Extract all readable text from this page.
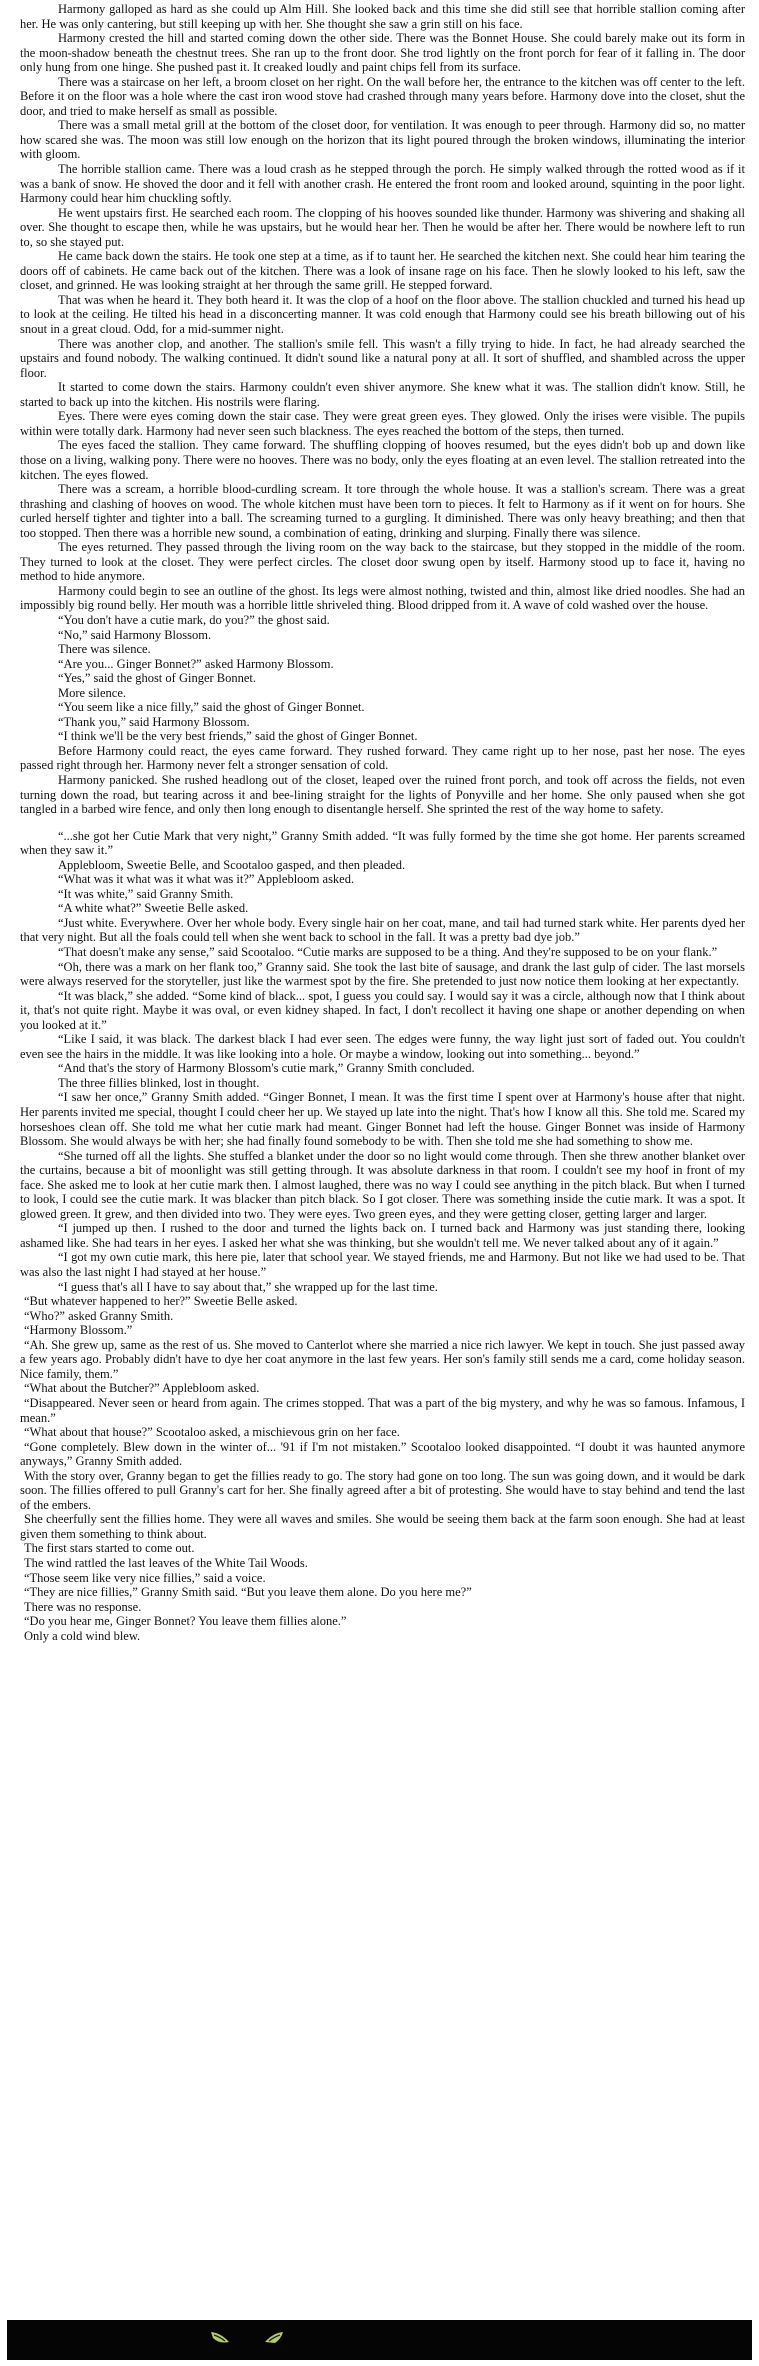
Harmony galloped as hard as she could up Alm Hill. She looked back and this time she did still see that horrible stallion coming after her. He was only cantering, but still keeping up with her. She thought she saw a grin still on his face.

Harmony crested the hill and started coming down the other side. There was the Bonnet House. She could barely make out its form in the moon-shadow beneath the chestnut trees. She ran up to the front door. She trod lightly on the front porch for fear of it falling in. The door only hung from one hinge. She pushed past it. It creaked loudly and paint chips fell from its surface.

There was a staircase on her left, a broom closet on her right. On the wall before her, the entrance to the kitchen was off center to the left. Before it on the floor was a hole where the cast iron wood stove had crashed through many years before. Harmony dove into the closet, shut the door, and tried to make herself as small as possible.

There was a small metal grill at the bottom of the closet door, for ventilation. It was enough to peer through. Harmony did so, no matter how scared she was. The moon was still low enough on the horizon that its light poured through the broken windows, illuminating the interior with gloom.

The horrible stallion came. There was a loud crash as he stepped through the porch. He simply walked through the rotted wood as if it was a bank of snow. He shoved the door and it fell with another crash. He entered the front room and looked around, squinting in the poor light. Harmony could hear him chuckling softly.

He went upstairs first. He searched each room. The clopping of his hooves sounded like thunder. Harmony was shivering and shaking all over. She thought to escape then, while he was upstairs, but he would hear her. Then he would be after her. There would be nowhere left to run to, so she stayed put.

He came back down the stairs. He took one step at a time, as if to taunt her. He searched the kitchen next. She could hear him tearing the doors off of cabinets. He came back out of the kitchen. There was a look of insane rage on his face. Then he slowly looked to his left, saw the closet, and grinned. He was looking straight at her through the same grill. He stepped forward.

That was when he heard it. They both heard it. It was the clop of a hoof on the floor above. The stallion chuckled and turned his head up to look at the ceiling. He tilted his head in a disconcerting manner. It was cold enough that Harmony could see his breath billowing out of his snout in a great cloud. Odd, for a mid-summer night.

There was another clop, and another. The stallion's smile fell. This wasn't a filly trying to hide. In fact, he had already searched the upstairs and found nobody. The walking continued. It didn't sound like a natural pony at all. It sort of shuffled, and shambled across the upper floor.

It started to come down the stairs. Harmony couldn't even shiver anymore. She knew what it was. The stallion didn't know. Still, he started to back up into the kitchen. His nostrils were flaring.

Eyes. There were eyes coming down the stair case. They were great green eyes. They glowed. Only the irises were visible. The pupils within were totally dark. Harmony had never seen such blackness. The eyes reached the bottom of the steps, then turned.

The eyes faced the stallion. They came forward. The shuffling clopping of hooves resumed, but the eyes didn't bob up and down like those on a living, walking pony. There were no hooves. There was no body, only the eyes floating at an even level. The stallion retreated into the kitchen. The eyes flowed.

There was a scream, a horrible blood-curdling scream. It tore through the whole house. It was a stallion's scream. There was a great thrashing and clashing of hooves on wood. The whole kitchen must have been torn to pieces. It felt to Harmony as if it went on for hours. She curled herself tighter and tighter into a ball. The screaming turned to a gurgling. It diminished. There was only heavy breathing; and then that too stopped. Then there was a horrible new sound, a combination of eating, drinking and slurping. Finally there was silence.

The eyes returned. They passed through the living room on the way back to the staircase, but they stopped in the middle of the room. They turned to look at the closet. They were perfect circles. The closet door swung open by itself. Harmony stood up to face it, having no method to hide anymore.

Harmony could begin to see an outline of the ghost. Its legs were almost nothing, twisted and thin, almost like dried noodles. She had an impossibly big round belly. Her mouth was a horrible little shriveled thing. Blood dripped from it. A wave of cold washed over the house.

“You don't have a cutie mark, do you?” the ghost said.

“No,” said Harmony Blossom.

There was silence.

“Are you... Ginger Bonnet?” asked Harmony Blossom.

“Yes,” said the ghost of Ginger Bonnet.

More silence.

“You seem like a nice filly,” said the ghost of Ginger Bonnet.

“Thank you,” said Harmony Blossom.

“I think we'll be the very best friends,” said the ghost of Ginger Bonnet.

Before Harmony could react, the eyes came forward. They rushed forward. They came right up to her nose, past her nose. The eyes passed right through her. Harmony never felt a stronger sensation of cold.

Harmony panicked. She rushed headlong out of the closet, leaped over the ruined front porch, and took off across the fields, not even turning down the road, but tearing across it and bee-lining straight for the lights of Ponyville and her home. She only paused when she got tangled in a barbed wire fence, and only then long enough to disentangle herself. She sprinted the rest of the way home to safety.

“...she got her Cutie Mark that very night,” Granny Smith added. “It was fully formed by the time she got home. Her parents screamed when they saw it.”

Applebloom, Sweetie Belle, and Scootaloo gasped, and then pleaded.

“What was it what was it what was it?” Applebloom asked.

“It was white,” said Granny Smith.

“A white what?” Sweetie Belle asked.

“Just white. Everywhere. Over her whole body. Every single hair on her coat, mane, and tail had turned stark white. Her parents dyed her that very night. But all the foals could tell when she went back to school in the fall. It was a pretty bad dye job.”

“That doesn't make any sense,” said Scootaloo. “Cutie marks are supposed to be a thing. And they're supposed to be on your flank.”

“Oh, there was a mark on her flank too,” Granny said. She took the last bite of sausage, and drank the last gulp of cider. The last morsels were always reserved for the storyteller, just like the warmest spot by the fire. She pretended to just now notice them looking at her expectantly.

“It was black,” she added. “Some kind of black... spot, I guess you could say. I would say it was a circle, although now that I think about it, that's not quite right. Maybe it was oval, or even kidney shaped. In fact, I don't recollect it having one shape or another depending on when you looked at it.”

“Like I said, it was black. The darkest black I had ever seen. The edges were funny, the way light just sort of faded out. You couldn't even see the hairs in the middle. It was like looking into a hole. Or maybe a window, looking out into something... beyond.”

“And that's the story of Harmony Blossom's cutie mark,” Granny Smith concluded.

The three fillies blinked, lost in thought.

“I saw her once,” Granny Smith added. “Ginger Bonnet, I mean. It was the first time I spent over at Harmony's house after that night. Her parents invited me special, thought I could cheer her up. We stayed up late into the night. That's how I know all this. She told me. Scared my horseshoes clean off. She told me what her cutie mark had meant. Ginger Bonnet had left the house. Ginger Bonnet was inside of Harmony Blossom. She would always be with her; she had finally found somebody to be with. Then she told me she had something to show me.

“She turned off all the lights. She stuffed a blanket under the door so no light would come through. Then she threw another blanket over the curtains, because a bit of moonlight was still getting through. It was absolute darkness in that room. I couldn't see my hoof in front of my face. She asked me to look at her cutie mark then. I almost laughed, there was no way I could see anything in the pitch black. But when I turned to look, I could see the cutie mark. It was blacker than pitch black. So I got closer. There was something inside the cutie mark. It was a spot. It glowed green. It grew, and then divided into two. They were eyes. Two green eyes, and they were getting closer, getting larger and larger.

“I jumped up then. I rushed to the door and turned the lights back on. I turned back and Harmony was just standing there, looking ashamed like. She had tears in her eyes. I asked her what she was thinking, but she wouldn't tell me. We never talked about any of it again.”

“I got my own cutie mark, this here pie, later that school year. We stayed friends, me and Harmony. But not like we had used to be. That was also the last night I had stayed at her house.”

“I guess that's all I have to say about that,” she wrapped up for the last time.

“But whatever happened to her?” Sweetie Belle asked.

“Who?” asked Granny Smith.

“Harmony Blossom.”

“Ah. She grew up, same as the rest of us. She moved to Canterlot where she married a nice rich lawyer. We kept in touch. She just passed away a few years ago. Probably didn't have to dye her coat anymore in the last few years. Her son's family still sends me a card, come holiday season. Nice family, them.”

“What about the Butcher?” Applebloom asked.

“Disappeared. Never seen or heard from again. The crimes stopped. That was a part of the big mystery, and why he was so famous. Infamous, I mean.”

“What about that house?” Scootaloo asked, a mischievous grin on her face.

“Gone completely. Blew down in the winter of... '91 if I'm not mistaken.” Scootaloo looked disappointed. “I doubt it was haunted anymore anyways,” Granny Smith added.

With the story over, Granny began to get the fillies ready to go. The story had gone on too long. The sun was going down, and it would be dark soon. The fillies offered to pull Granny's cart for her. She finally agreed after a bit of protesting. She would have to stay behind and tend the last of the embers.

She cheerfully sent the fillies home. They were all waves and smiles. She would be seeing them back at the farm soon enough. She had at least given them something to think about.

The first stars started to come out.

The wind rattled the last leaves of the White Tail Woods.

“Those seem like very nice fillies,” said a voice.

“They are nice fillies,” Granny Smith said. “But you leave them alone. Do you here me?”

There was no response.

“Do you hear me, Ginger Bonnet? You leave them fillies alone.”

Only a cold wind blew.
